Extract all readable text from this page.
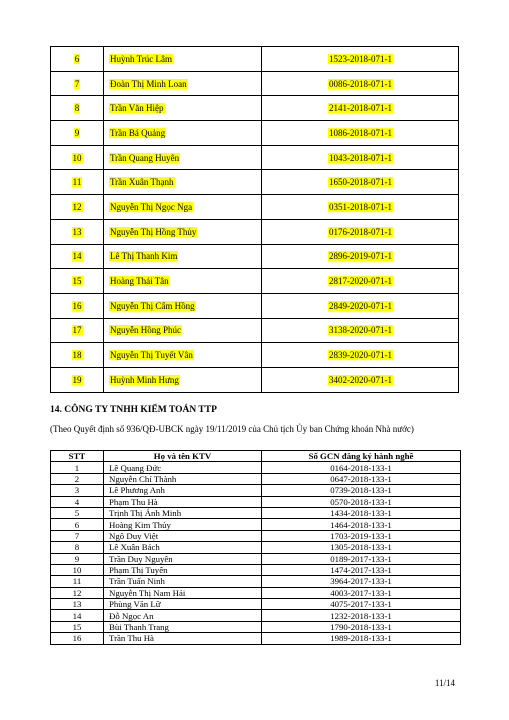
6	Huỳnh Trúc Lâm	1523-2018-071-1
7	Đoàn Thị Minh Loan	0086-2018-071-1
8	Trần Văn Hiệp	2141-2018-071-1
9	Trần Bá Quảng	1086-2018-071-1
10	Trần Quang Huyên	1043-2018-071-1
11	Trần Xuân Thạnh	1650-2018-071-1
12	Nguyễn Thị Ngọc Nga	0351-2018-071-1
13	Nguyễn Thị Hồng Thủy	0176-2018-071-1
14	Lê Thị Thanh Kim	2896-2019-071-1
15	Hoàng Thái Tân	2817-2020-071-1
16	Nguyễn Thị Cẩm Hồng	2849-2020-071-1
17	Nguyễn Hồng Phúc	3138-2020-071-1
18	Nguyễn Thị Tuyết Vân	2839-2020-071-1
19	Huỳnh Minh Hưng	3402-2020-071-1

14. CÔNG TY TNHH KIỂM TOÁN TTP

(Theo Quyết định số 936/QĐ-UBCK ngày 19/11/2019 của Chủ tịch Ủy ban Chứng khoán Nhà nước)

STT	Họ và tên KTV	Số GCN đăng ký hành nghề
1	Lê Quang Đức	0164-2018-133-1
2	Nguyễn Chí Thành	0647-2018-133-1
3	Lê Phương Anh	0739-2018-133-1
4	Phạm Thu Hà	0570-2018-133-1
5	Trịnh Thị Ánh Minh	1434-2018-133-1
6	Hoàng Kim Thủy	1464-2018-133-1
7	Ngô Duy Việt	1703-2019-133-1
8	Lê Xuân Bách	1305-2018-133-1
9	Trần Duy Nguyên	0189-2017-133-1
10	Phạm Thị Tuyến	1474-2017-133-1
11	Trần Tuấn Ninh	3964-2017-133-1
12	Nguyễn Thị Nam Hải	4003-2017-133-1
13	Phùng Văn Lữ	4075-2017-133-1
14	Đỗ Ngọc An	1232-2018-133-1
15	Bùi Thanh Trang	1790-2018-133-1
16	Trần Thu Hà	1989-2018-133-1
11/14
